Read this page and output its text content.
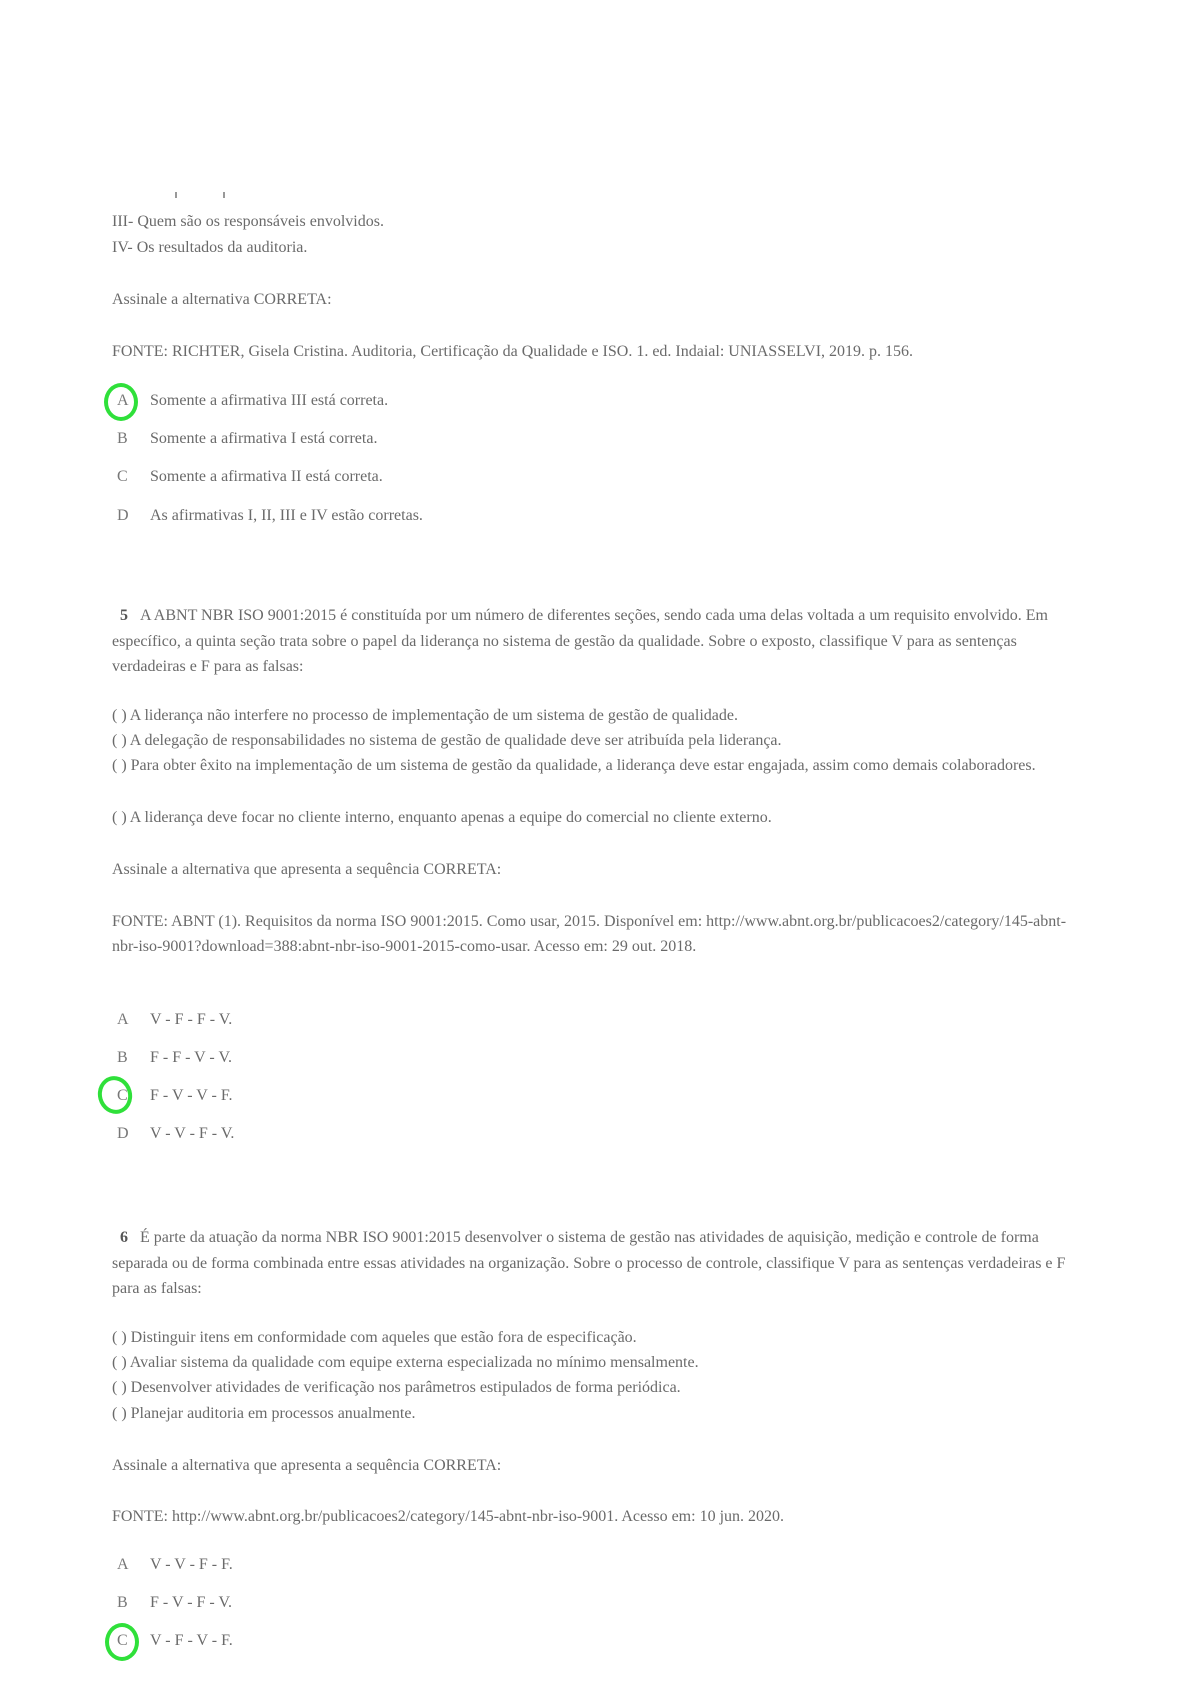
III- Quem são os responsáveis envolvidos.
IV- Os resultados da auditoria.
Assinale a alternativa CORRETA:
FONTE: RICHTER, Gisela Cristina. Auditoria, Certificação da Qualidade e ISO. 1. ed. Indaial: UNIASSELVI, 2019. p. 156.
A Somente a afirmativa III está correta.
B Somente a afirmativa I está correta.
C Somente a afirmativa II está correta.
D As afirmativas I, II, III e IV estão corretas.
5 A ABNT NBR ISO 9001:2015 é constituída por um número de diferentes seções, sendo cada uma delas voltada a um requisito envolvido. Em específico, a quinta seção trata sobre o papel da liderança no sistema de gestão da qualidade. Sobre o exposto, classifique V para as sentenças verdadeiras e F para as falsas:
( ) A liderança não interfere no processo de implementação de um sistema de gestão de qualidade.
( ) A delegação de responsabilidades no sistema de gestão de qualidade deve ser atribuída pela liderança.
( ) Para obter êxito na implementação de um sistema de gestão da qualidade, a liderança deve estar engajada, assim como demais colaboradores.
( ) A liderança deve focar no cliente interno, enquanto apenas a equipe do comercial no cliente externo.
Assinale a alternativa que apresenta a sequência CORRETA:
FONTE: ABNT (1). Requisitos da norma ISO 9001:2015. Como usar, 2015. Disponível em: http://www.abnt.org.br/publicacoes2/category/145-abnt-nbr-iso-9001?download=388:abnt-nbr-iso-9001-2015-como-usar. Acesso em: 29 out. 2018.
A V - F - F - V.
B F - F - V - V.
C F - V - V - F.
D V - V - F - V.
6 É parte da atuação da norma NBR ISO 9001:2015 desenvolver o sistema de gestão nas atividades de aquisição, medição e controle de forma separada ou de forma combinada entre essas atividades na organização. Sobre o processo de controle, classifique V para as sentenças verdadeiras e F para as falsas:
( ) Distinguir itens em conformidade com aqueles que estão fora de especificação.
( ) Avaliar sistema da qualidade com equipe externa especializada no mínimo mensalmente.
( ) Desenvolver atividades de verificação nos parâmetros estipulados de forma periódica.
( ) Planejar auditoria em processos anualmente.
Assinale a alternativa que apresenta a sequência CORRETA:
FONTE: http://www.abnt.org.br/publicacoes2/category/145-abnt-nbr-iso-9001. Acesso em: 10 jun. 2020.
A V - V - F - F.
B F - V - F - V.
C V - F - V - F.
